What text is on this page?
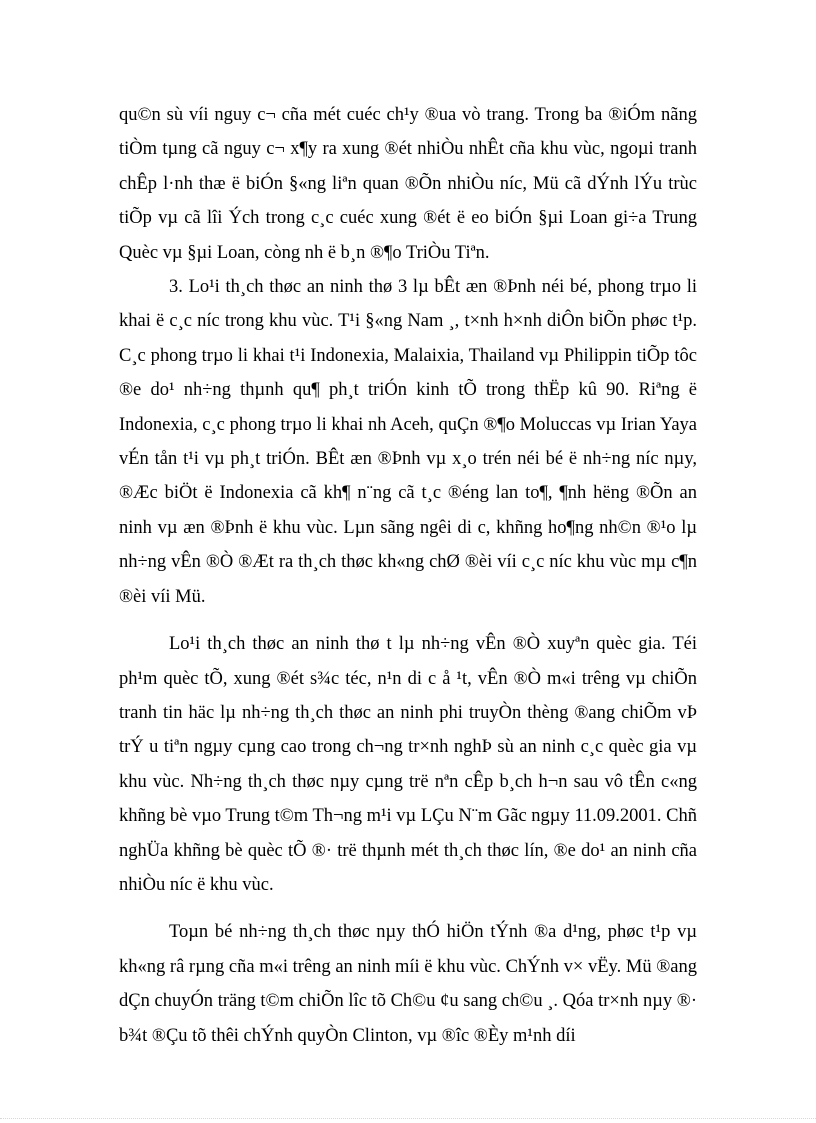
qu©n sù víi nguy c¬ cña mét cuéc ch¹y ®ua vò trang. Trong ba ®iÓm nãng tiÒm tµng cã nguy c¬ x¶y ra xung ®ét nhiÒu nhÊt cña khu vùc, ngoµi tranh chÊp l·nh thæ ë biÓn §«ng liªn quan ®Õn nhiÒu níc, Mü cã dÝnh lÝu trùc tiÕp vµ cã lîi Ých trong c¸c cuéc xung ®ét ë eo biÓn §µi Loan gi÷a Trung Quèc vµ §µi Loan, còng nh ë b¸n ®¶o TriÒu Tiªn.

3. Lo¹i th¸ch thøc an ninh thø 3 lµ bÊt æn ®Þnh néi bé, phong trµo li khai ë c¸c níc trong khu vùc. T¹i §«ng Nam ¸, t×nh h×nh diÔn biÕn phøc t¹p. C¸c phong trµo li khai t¹i Indonexia, Malaixia, Thailand vµ Philippin tiÕp tôc ®e do¹ nh÷ng thµnh qu¶ ph¸t triÓn kinh tÕ trong thËp kû 90. Riªng ë Indonexia, c¸c phong trµo li khai nh Aceh, quÇn ®¶o Moluccas vµ Irian Yaya vÉn tån t¹i vµ ph¸t triÓn. BÊt æn ®Þnh vµ x¸o trén néi bé ë nh÷ng níc nµy, ®Æc biÖt ë Indonexia cã kh¶ n¨ng cã t¸c ®éng lan to¶, ¶nh hëng ®Õn an ninh vµ æn ®Þnh ë khu vùc. Lµn sãng ngêi di c, khñng ho¶ng nh©n ®¹o lµ nh÷ng vÊn ®Ò ®Æt ra th¸ch thøc kh«ng chØ ®èi víi c¸c níc khu vùc mµ c¶n ®èi víi Mü.

Lo¹i th¸ch thøc an ninh thø t lµ nh÷ng vÊn ®Ò xuyªn quèc gia. Téi ph¹m quèc tÕ, xung ®ét s¾c téc, n¹n di c å ¹t, vÊn ®Ò m«i trêng vµ chiÕn tranh tin häc lµ nh÷ng th¸ch thøc an ninh phi truyÒn thèng ®ang chiÕm vÞ trÝ u tiªn ngµy cµng cao trong ch¬ng tr×nh nghÞ sù an ninh c¸c quèc gia vµ khu vùc. Nh÷ng th¸ch thøc nµy cµng trë nªn cÊp b¸ch h¬n sau vô tÊn c«ng khñng bè vµo Trung t©m Th¬ng m¹i vµ LÇu N¨m Gãc ngµy 11.09.2001. Chñ nghÜa khñng bè quèc tÕ ®· trë thµnh mét th¸ch thøc lín, ®e do¹ an ninh cña nhiÒu níc ë khu vùc.

Toµn bé nh÷ng th¸ch thøc nµy thÓ hiÖn tÝnh ®a d¹ng, phøc t¹p vµ kh«ng râ rµng cña m«i trêng an ninh míi ë khu vùc. ChÝnh v× vËy. Mü ®ang dÇn chuyÓn träng t©m chiÕn lîc tõ Ch©u ¢u sang ch©u ¸. Qóa tr×nh nµy ®· b¾t ®Çu tõ thêi chÝnh quyÒn Clinton, vµ ®îc ®Èy m¹nh díi
